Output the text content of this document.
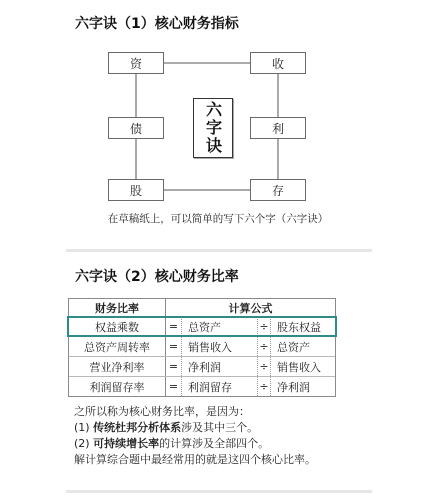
六字诀（1）核心财务指标
资	收
债	利
股	存
六字诀
在草稿纸上，可以简单的写下六个字（六字诀）
六字诀（2）核心财务比率
财务比率	计算公式
权益乘数	= 总资产	÷ 股东权益
总资产周转率	= 销售收入	÷ 总资产
营业净利率	= 净利润	÷ 销售收入
利润留存率	= 利润留存	÷ 净利润
之所以称为核心财务比率，是因为：
(1) 传统杜邦分析体系涉及其中三个。
(2) 可持续增长率的计算涉及全部四个。
解计算综合题中最经常用的就是这四个核心比率。
